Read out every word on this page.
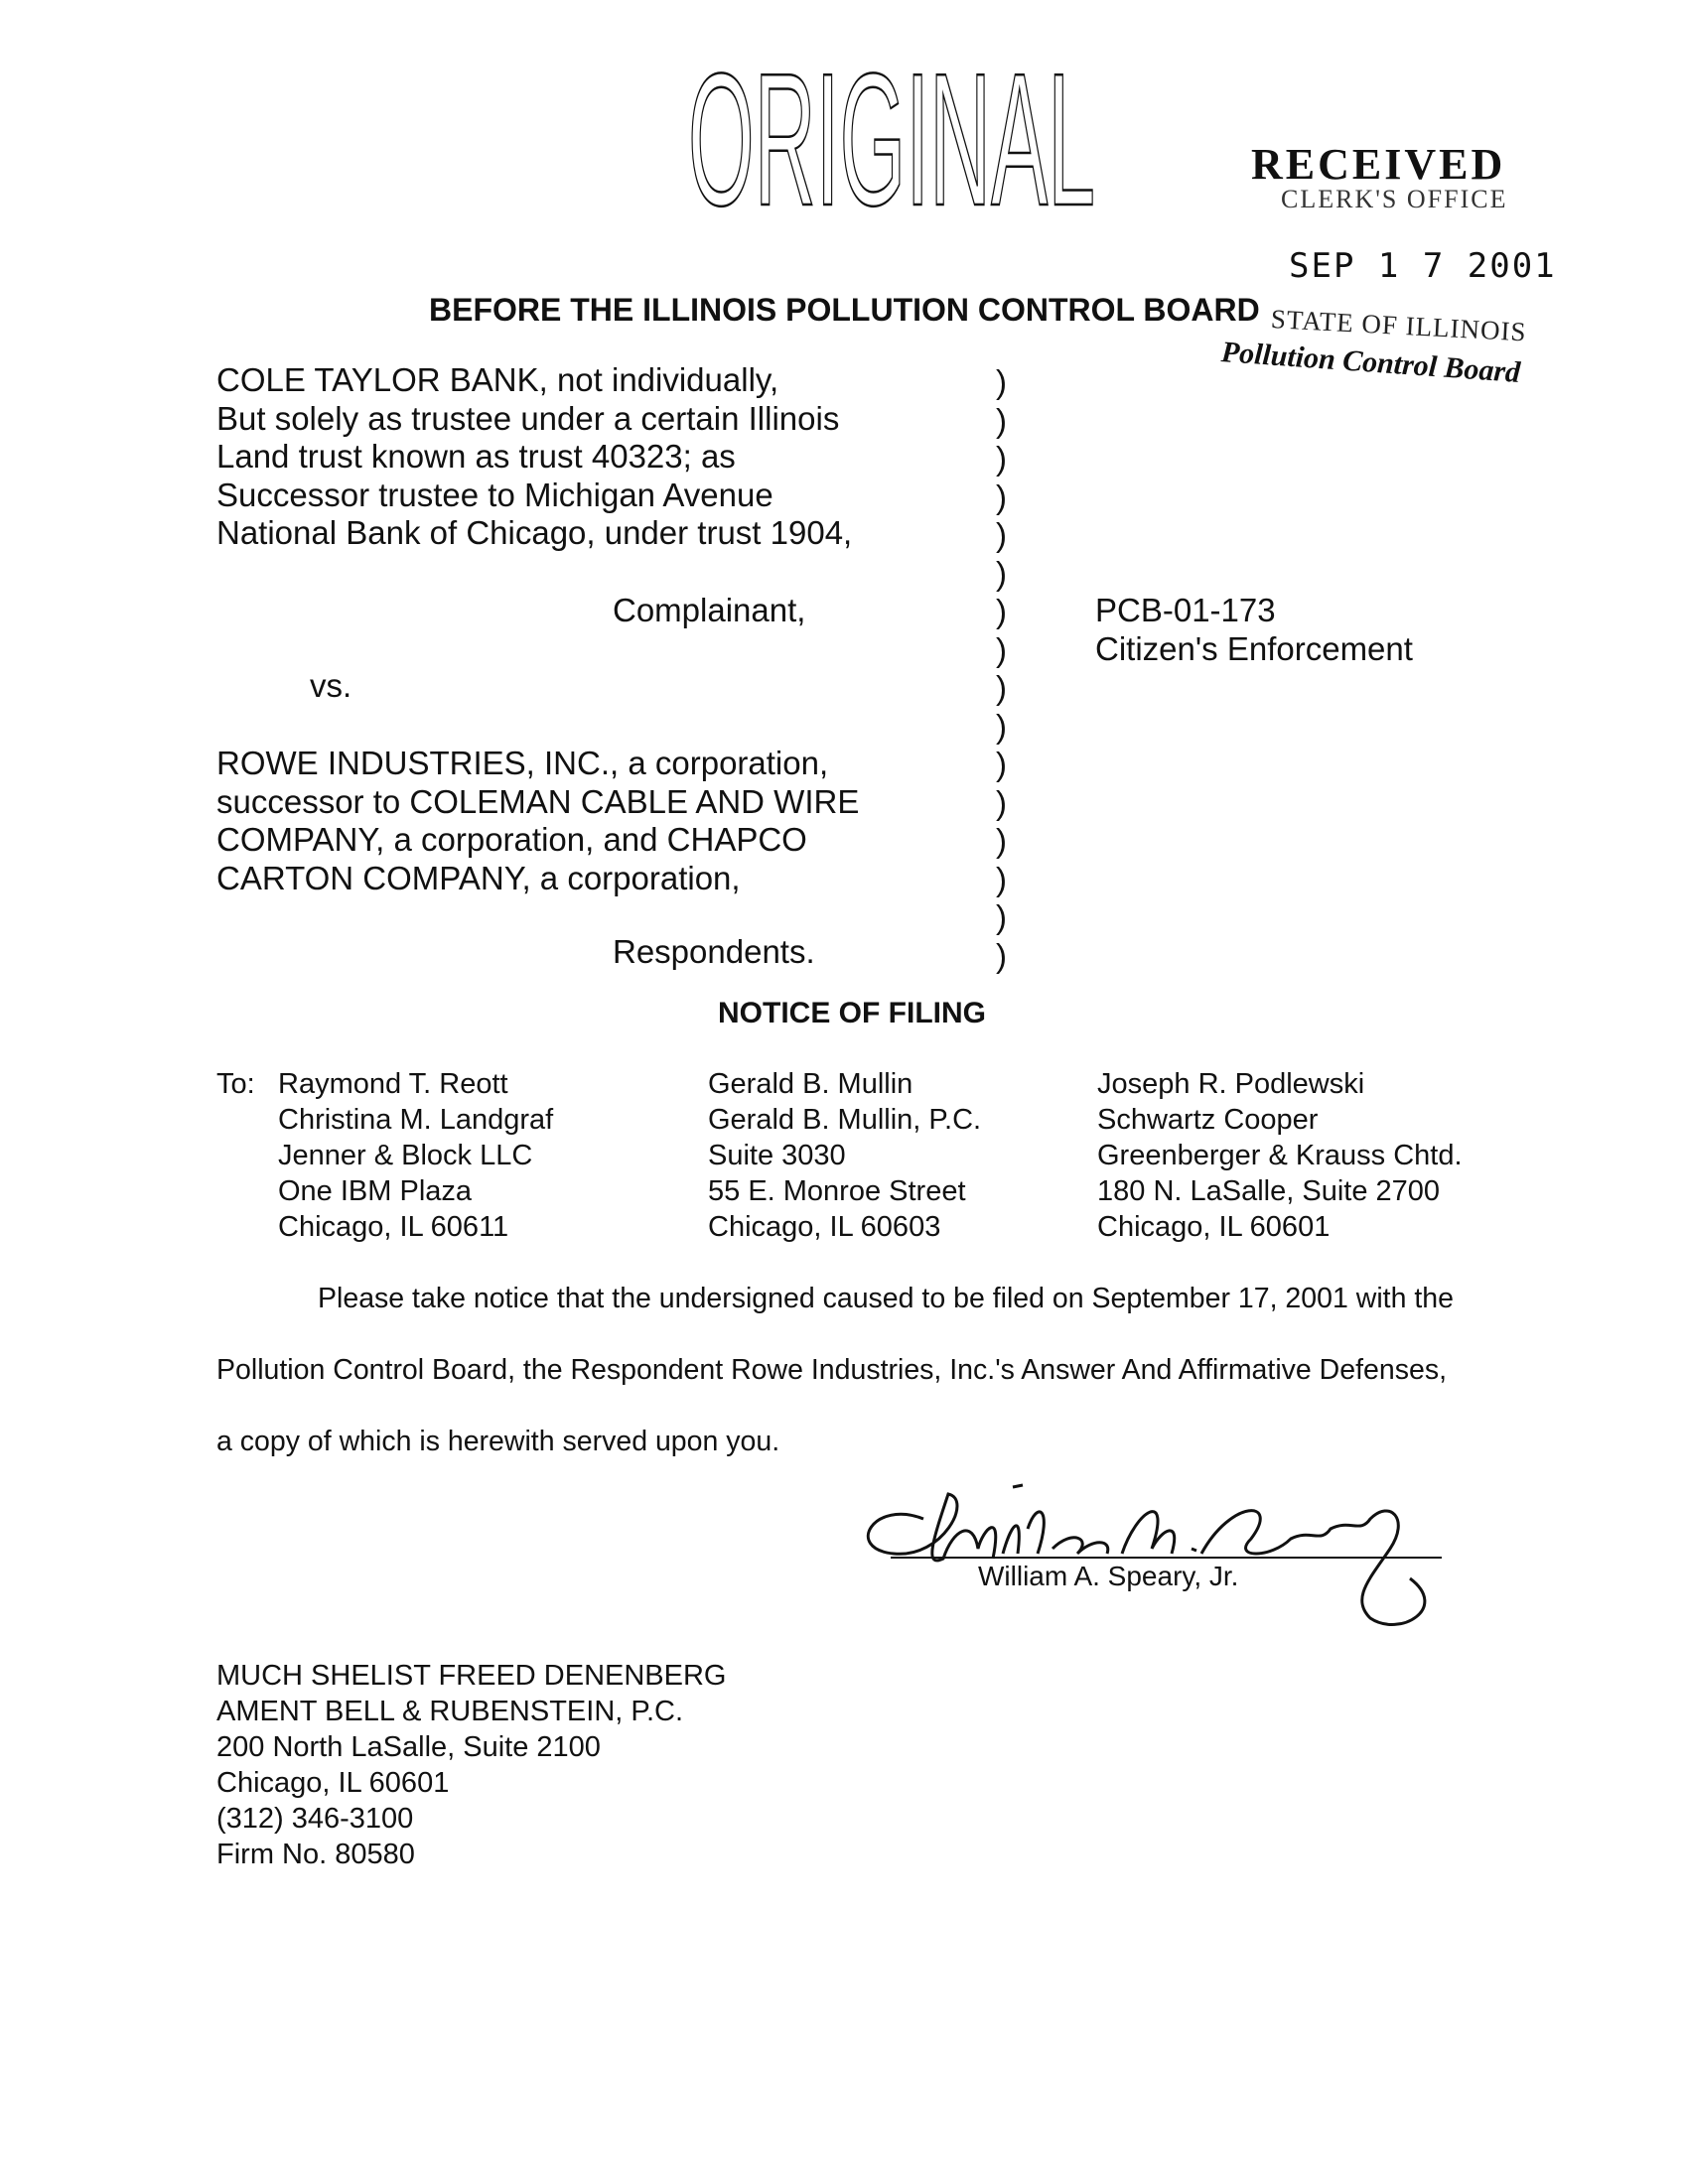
ORIGINAL	RECEIVED
CLERK'S OFFICE
SEP 1 7 2001
STATE OF ILLINOIS
Pollution Control Board
BEFORE THE ILLINOIS POLLUTION CONTROL BOARD
COLE TAYLOR BANK, not individually,
But solely as trustee under a certain Illinois
Land trust known as trust 40323; as
Successor trustee to Michigan Avenue
National Bank of Chicago, under trust 1904,
Complainant,
vs.
ROWE INDUSTRIES, INC., a corporation,
successor to COLEMAN CABLE AND WIRE
COMPANY, a corporation, and CHAPCO
CARTON COMPANY, a corporation,
Respondents.
)
)
)
)
)
)
)
)
)
)
)
)
)
)
)
)
PCB-01-173
Citizen's Enforcement
NOTICE OF FILING
To: Raymond T. Reott
Christina M. Landgraf
Jenner & Block LLC
One IBM Plaza
Chicago, IL 60611
Gerald B. Mullin
Gerald B. Mullin, P.C.
Suite 3030
55 E. Monroe Street
Chicago, IL 60603
Joseph R. Podlewski
Schwartz Cooper
Greenberger & Krauss Chtd.
180 N. LaSalle, Suite 2700
Chicago, IL 60601
Please take notice that the undersigned caused to be filed on September 17, 2001 with the
Pollution Control Board, the Respondent Rowe Industries, Inc.'s Answer And Affirmative Defenses,
a copy of which is herewith served upon you.
William A. Speary, Jr.
MUCH SHELIST FREED DENENBERG
AMENT BELL & RUBENSTEIN, P.C.
200 North LaSalle, Suite 2100
Chicago, IL 60601
(312) 346-3100
Firm No. 80580
